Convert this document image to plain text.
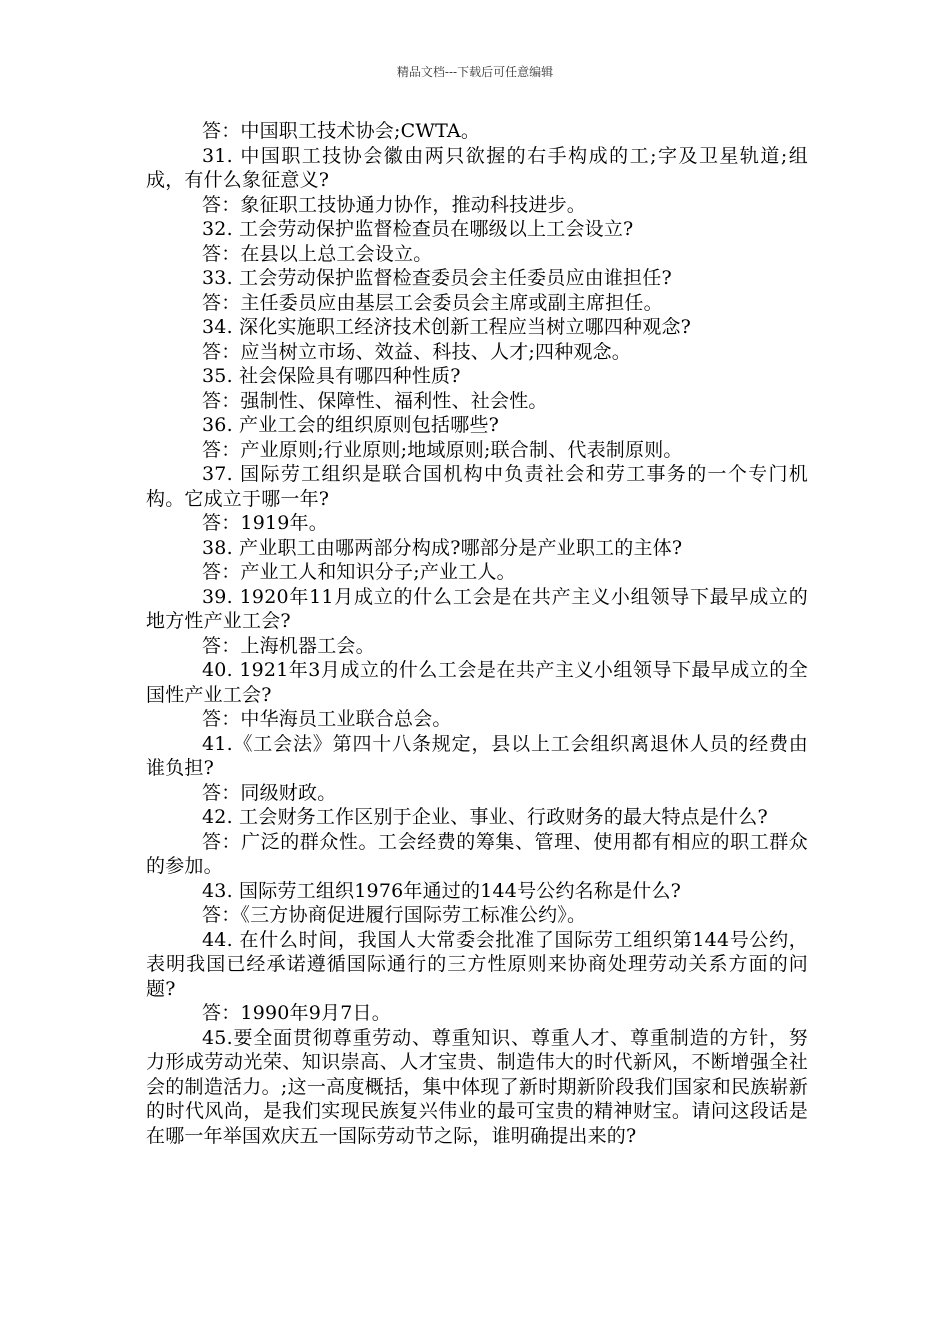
精品文档---下载后可任意编辑

答：中国职工技术协会;CWTA。

31. 中国职工技协会徽由两只欲握的右手构成的工;字及卫星轨道;组成，有什么象征意义?

答：象征职工技协通力协作，推动科技进步。

32. 工会劳动保护监督检查员在哪级以上工会设立?

答：在县以上总工会设立。

33. 工会劳动保护监督检查委员会主任委员应由谁担任?

答：主任委员应由基层工会委员会主席或副主席担任。

34. 深化实施职工经济技术创新工程应当树立哪四种观念?

答：应当树立市场、效益、科技、人才;四种观念。

35. 社会保险具有哪四种性质?

答：强制性、保障性、福利性、社会性。

36. 产业工会的组织原则包括哪些?

答：产业原则;行业原则;地域原则;联合制、代表制原则。

37. 国际劳工组织是联合国机构中负责社会和劳工事务的一个专门机构。它成立于哪一年?

答：1919年。

38. 产业职工由哪两部分构成?哪部分是产业职工的主体?

答：产业工人和知识分子;产业工人。

39. 1920年11月成立的什么工会是在共产主义小组领导下最早成立的地方性产业工会?

答：上海机器工会。

40. 1921年3月成立的什么工会是在共产主义小组领导下最早成立的全国性产业工会?

答：中华海员工业联合总会。

41.《工会法》第四十八条规定，县以上工会组织离退休人员的经费由谁负担?

答：同级财政。

42. 工会财务工作区别于企业、事业、行政财务的最大特点是什么?

答：广泛的群众性。工会经费的筹集、管理、使用都有相应的职工群众的参加。

43. 国际劳工组织1976年通过的144号公约名称是什么?

答：《三方协商促进履行国际劳工标准公约》。

44. 在什么时间，我国人大常委会批准了国际劳工组织第144号公约，表明我国已经承诺遵循国际通行的三方性原则来协商处理劳动关系方面的问题?

答：1990年9月7日。

45.要全面贯彻尊重劳动、尊重知识、尊重人才、尊重制造的方针，努力形成劳动光荣、知识崇高、人才宝贵、制造伟大的时代新风，不断增强全社会的制造活力。;这一高度概括，集中体现了新时期新阶段我们国家和民族崭新的时代风尚，是我们实现民族复兴伟业的最可宝贵的精神财宝。请问这段话是在哪一年举国欢庆五一国际劳动节之际，谁明确提出来的?
